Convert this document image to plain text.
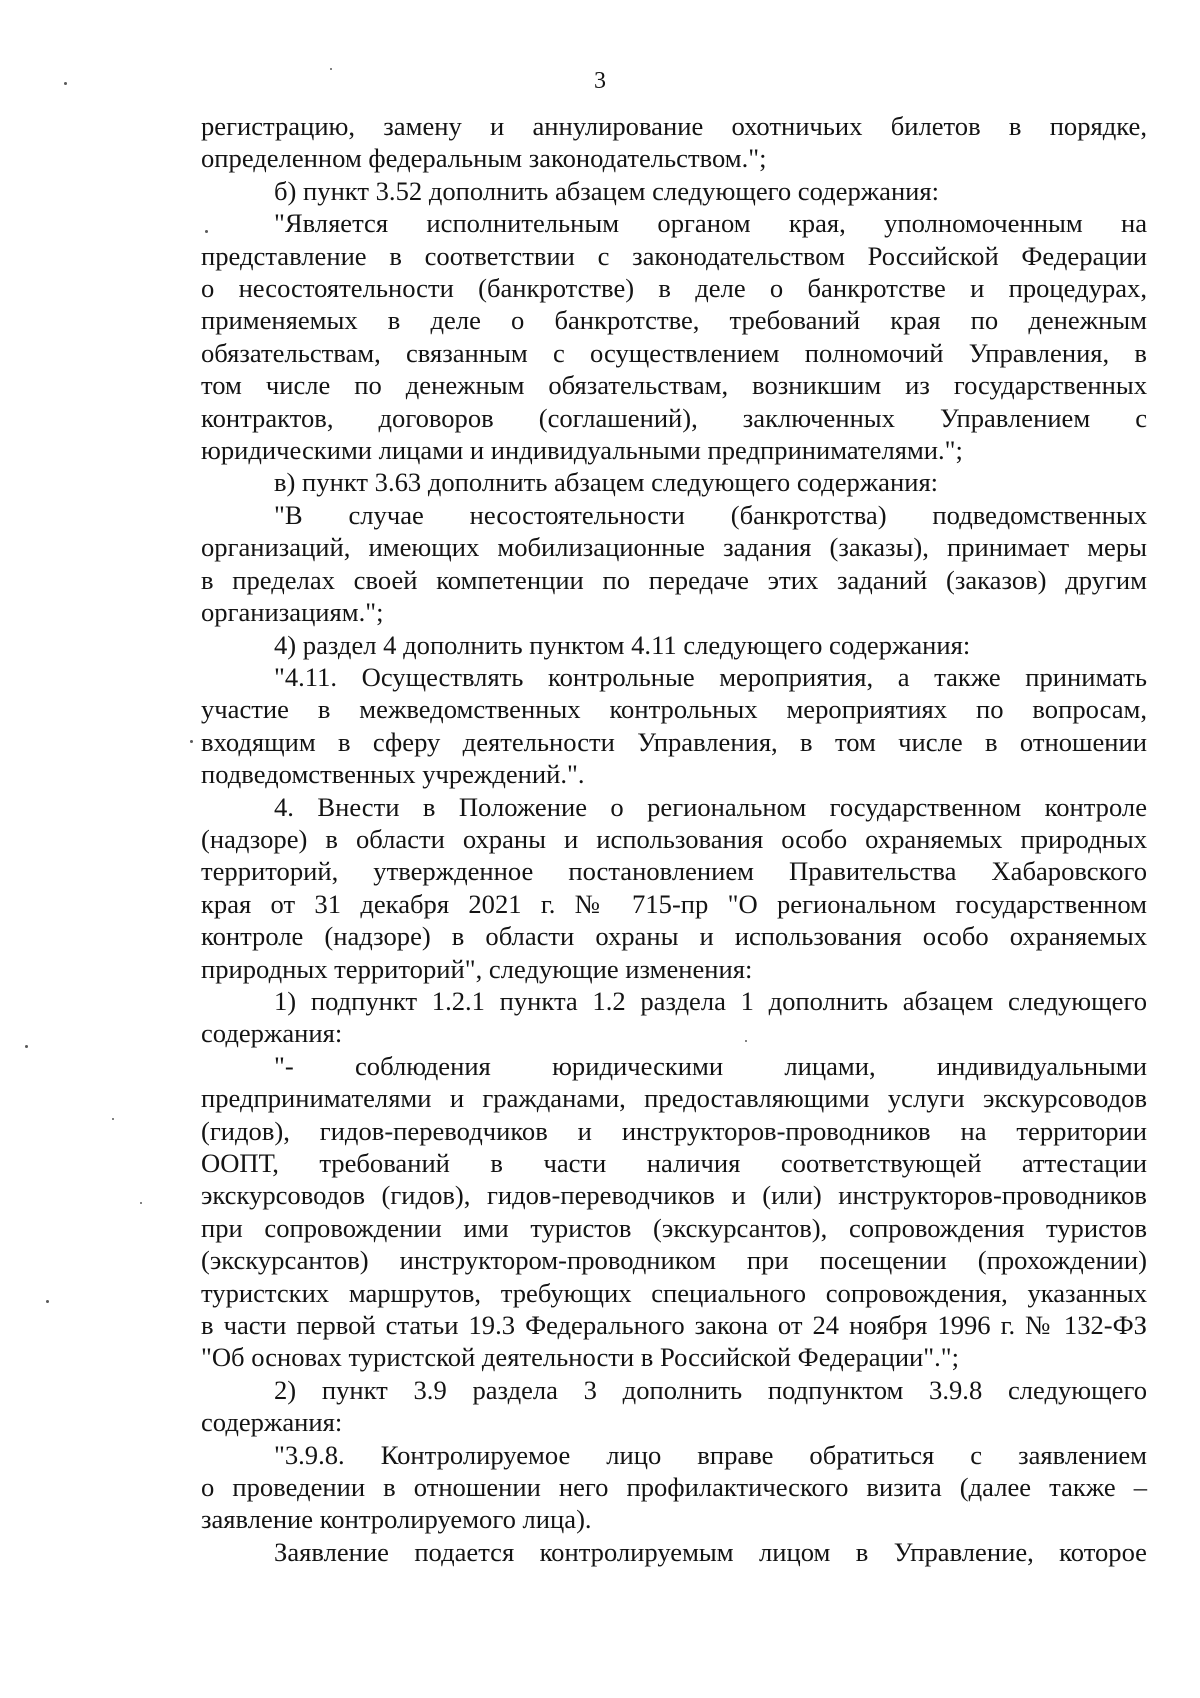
3
регистрацию, замену и аннулирование охотничьих билетов в порядке,
определенном федеральным законодательством.";
б) пункт 3.52 дополнить абзацем следующего содержания:
"Является исполнительным органом края, уполномоченным на
представление в соответствии с законодательством Российской Федерации
о несостоятельности (банкротстве) в деле о банкротстве и процедурах,
применяемых в деле о банкротстве, требований края по денежным
обязательствам, связанным с осуществлением полномочий Управления, в
том числе по денежным обязательствам, возникшим из государственных
контрактов, договоров (соглашений), заключенных Управлением с
юридическими лицами и индивидуальными предпринимателями.";
в) пункт 3.63 дополнить абзацем следующего содержания:
"В случае несостоятельности (банкротства) подведомственных
организаций, имеющих мобилизационные задания (заказы), принимает меры
в пределах своей компетенции по передаче этих заданий (заказов) другим
организациям.";
4) раздел 4 дополнить пунктом 4.11 следующего содержания:
"4.11. Осуществлять контрольные мероприятия, а также принимать
участие в межведомственных контрольных мероприятиях по вопросам,
входящим в сферу деятельности Управления, в том числе в отношении
подведомственных учреждений.".
4. Внести в Положение о региональном государственном контроле
(надзоре) в области охраны и использования особо охраняемых природных
территорий, утвержденное постановлением Правительства Хабаровского
края от 31 декабря 2021 г. № 715-пр "О региональном государственном
контроле (надзоре) в области охраны и использования особо охраняемых
природных территорий", следующие изменения:
1) подпункт 1.2.1 пункта 1.2 раздела 1 дополнить абзацем следующего
содержания:
"- соблюдения юридическими лицами, индивидуальными
предпринимателями и гражданами, предоставляющими услуги экскурсоводов
(гидов), гидов-переводчиков и инструкторов-проводников на территории
ООПТ, требований в части наличия соответствующей аттестации
экскурсоводов (гидов), гидов-переводчиков и (или) инструкторов-проводников
при сопровождении ими туристов (экскурсантов), сопровождения туристов
(экскурсантов) инструктором-проводником при посещении (прохождении)
туристских маршрутов, требующих специального сопровождения, указанных
в части первой статьи 19.3 Федерального закона от 24 ноября 1996 г. № 132-ФЗ
"Об основах туристской деятельности в Российской Федерации".";
2) пункт 3.9 раздела 3 дополнить подпунктом 3.9.8 следующего
содержания:
"3.9.8. Контролируемое лицо вправе обратиться с заявлением
о проведении в отношении него профилактического визита (далее также –
заявление контролируемого лица).
Заявление подается контролируемым лицом в Управление, которое
